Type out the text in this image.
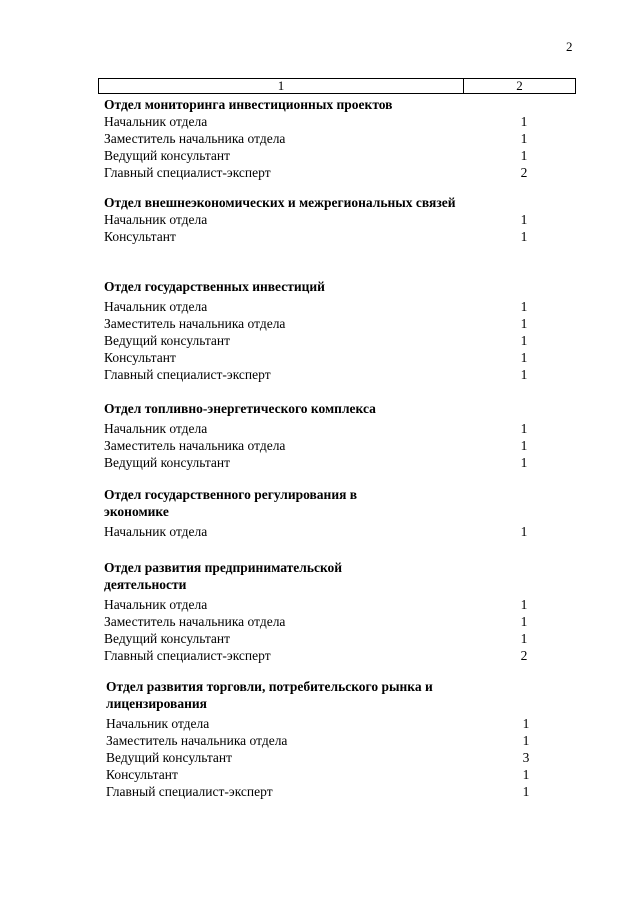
2
1	2
Отдел мониторинга инвестиционных проектов
Начальник отдела	1
Заместитель начальника отдела	1
Ведущий консультант	1
Главный специалист-эксперт	2
Отдел внешнеэкономических и межрегиональных связей
Начальник отдела	1
Консультант	1
Отдел государственных инвестиций
Начальник отдела	1
Заместитель начальника отдела	1
Ведущий консультант	1
Консультант	1
Главный специалист-эксперт	1
Отдел топливно-энергетического комплекса
Начальник отдела	1
Заместитель начальника отдела	1
Ведущий консультант	1
Отдел государственного регулирования в экономике
Начальник отдела	1
Отдел развития предпринимательской деятельности
Начальник отдела	1
Заместитель начальника отдела	1
Ведущий консультант	1
Главный специалист-эксперт	2
Отдел развития торговли, потребительского рынка и лицензирования
Начальник отдела	1
Заместитель начальника отдела	1
Ведущий консультант	3
Консультант	1
Главный специалист-эксперт	1
